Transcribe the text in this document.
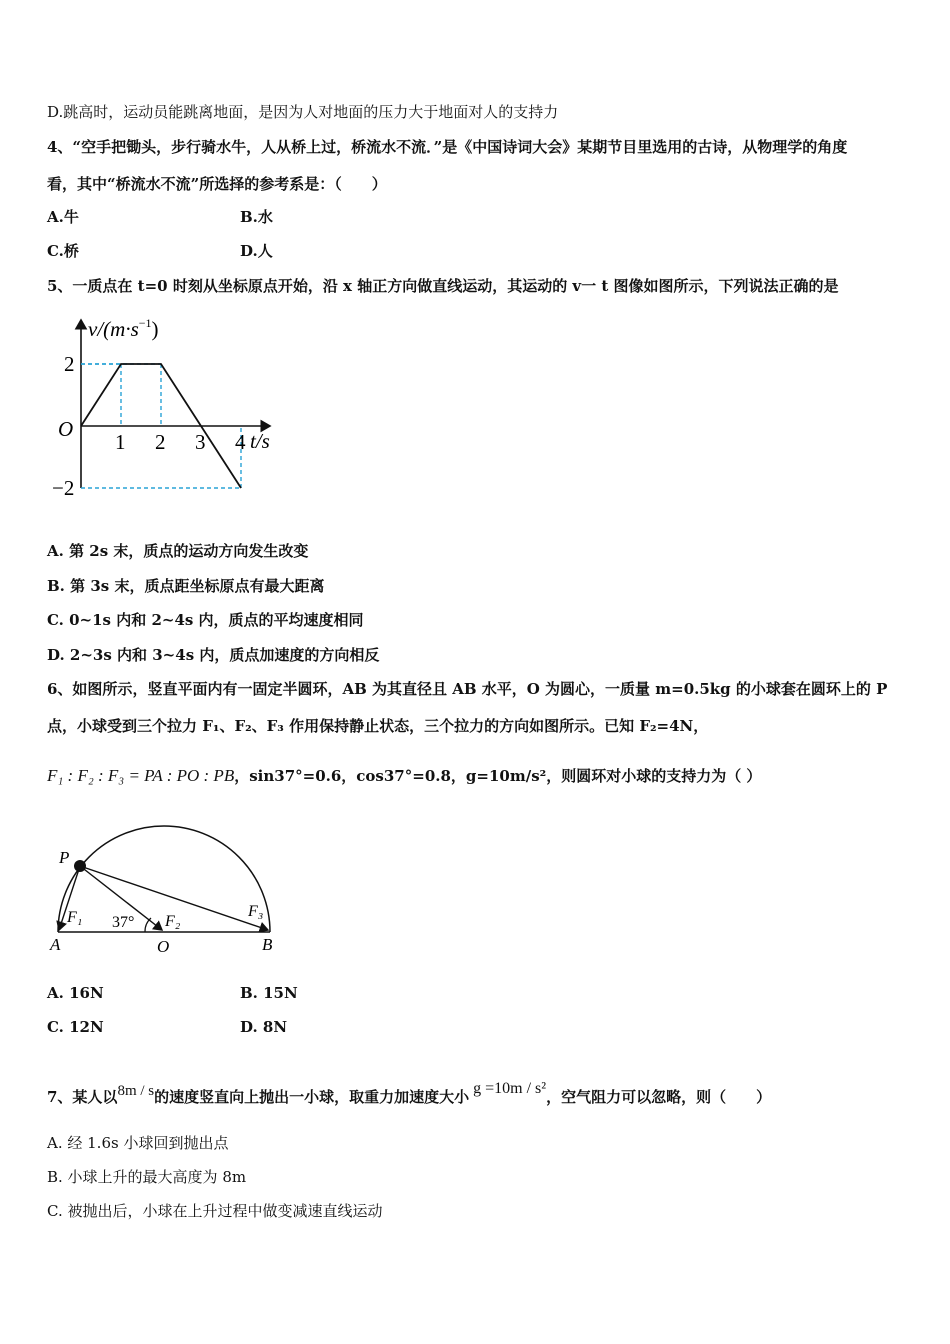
D.跳高时，运动员能跳离地面，是因为人对地面的压力大于地面对人的支持力
4、“空手把锄头，步行骑水牛，人从桥上过，桥流水不流．”是《中国诗词大会》某期节目里选用的古诗，从物理学的角度
看，其中“桥流水不流”所选择的参考系是：（　　）
A.牛	B.水
C.桥	D.人
5、一质点在 t=0 时刻从坐标原点开始，沿 x 轴正方向做直线运动，其运动的 v一 t 图像如图所示，下列说法正确的是
$v/(m\cdot s^{-1})$
O	t/s
1 2 3 4
2
−2
A. 第 2s 末，质点的运动方向发生改变
B. 第 3s 末，质点距坐标原点有最大距离
C. 0~1s 内和 2~4s 内，质点的平均速度相同
D. 2~3s 内和 3~4s 内，质点加速度的方向相反
6、如图所示，竖直平面内有一固定半圆环，AB 为其直径且 AB 水平，O 为圆心，一质量 m=0.5kg 的小球套在圆环上的 P
点，小球受到三个拉力 F₁、F₂、F₃ 作用保持静止状态，三个拉力的方向如图所示。已知 F₂=4N，
F₁ : F₂ : F₃ = PA : PO : PB，sin37°=0.6，cos37°=0.8，g=10m/s²，则圆环对小球的支持力为（ ）
P
A	O	B
F₁	F₂
F₃
37°
A. 16N	B. 15N
C. 12N	D. 8N
7、某人以8m / s的速度竖直向上抛出一小球，取重力加速度大小 g =10m / s²，空气阻力可以忽略，则（　　）
A. 经 1.6s 小球回到抛出点
B. 小球上升的最大高度为 8m
C. 被抛出后，小球在上升过程中做变减速直线运动
